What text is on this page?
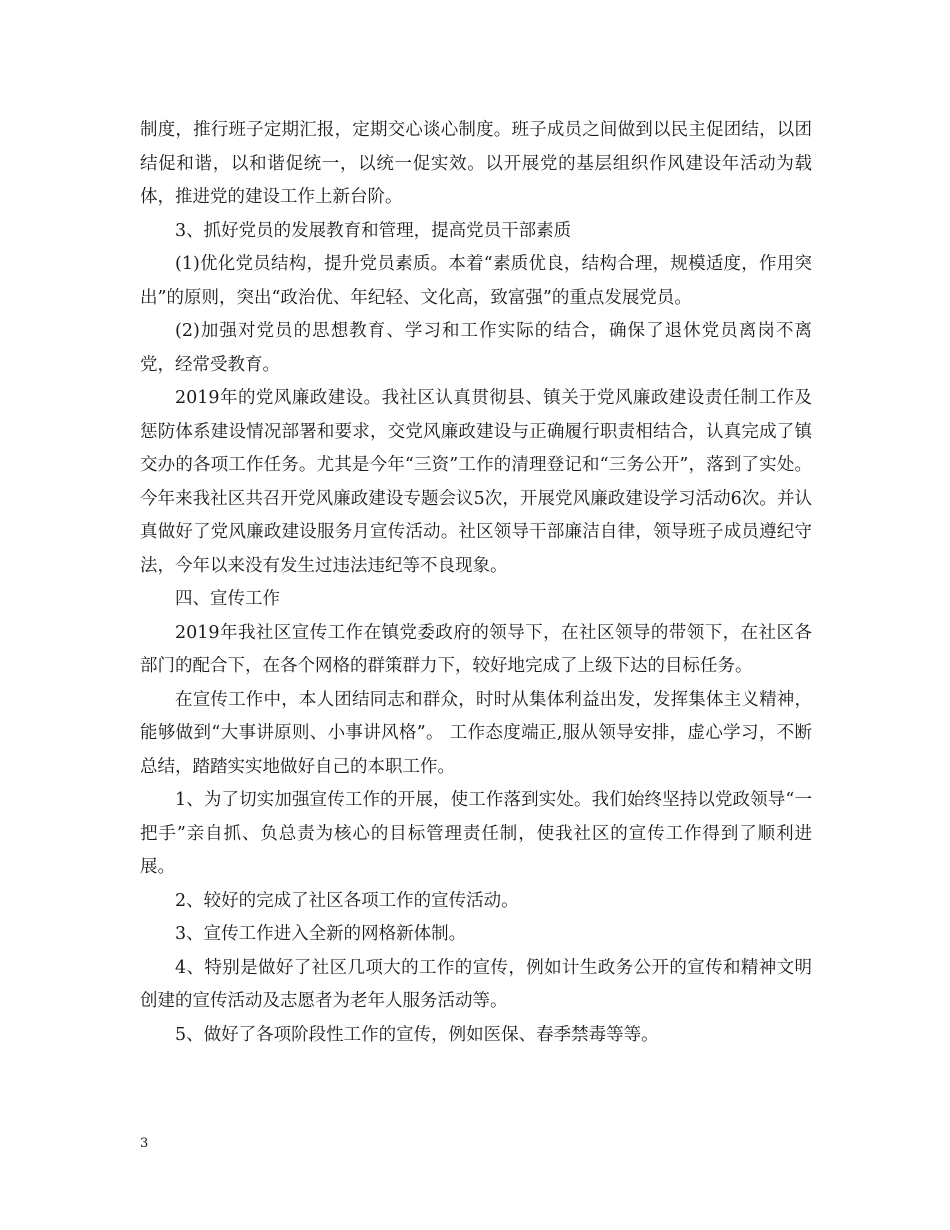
制度，推行班子定期汇报，定期交心谈心制度。班子成员之间做到以民主促团结，以团结促和谐，以和谐促统一，以统一促实效。以开展党的基层组织作风建设年活动为载体，推进党的建设工作上新台阶。

3、抓好党员的发展教育和管理，提高党员干部素质

(1)优化党员结构，提升党员素质。本着“素质优良，结构合理，规模适度，作用突出”的原则，突出“政治优、年纪轻、文化高，致富强”的重点发展党员。

(2)加强对党员的思想教育、学习和工作实际的结合，确保了退休党员离岗不离党，经常受教育。

2019年的党风廉政建设。我社区认真贯彻县、镇关于党风廉政建设责任制工作及惩防体系建设情况部署和要求，交党风廉政建设与正确履行职责相结合，认真完成了镇交办的各项工作任务。尤其是今年“三资”工作的清理登记和“三务公开”，落到了实处。今年来我社区共召开党风廉政建设专题会议5次，开展党风廉政建设学习活动6次。并认真做好了党风廉政建设服务月宣传活动。社区领导干部廉洁自律，领导班子成员遵纪守法，今年以来没有发生过违法违纪等不良现象。

四、宣传工作

2019年我社区宣传工作在镇党委政府的领导下，在社区领导的带领下，在社区各部门的配合下，在各个网格的群策群力下，较好地完成了上级下达的目标任务。

在宣传工作中，本人团结同志和群众，时时从集体利益出发，发挥集体主义精神，能够做到“大事讲原则、小事讲风格”。 工作态度端正,服从领导安排，虚心学习，不断总结，踏踏实实地做好自己的本职工作。

1、为了切实加强宣传工作的开展，使工作落到实处。我们始终坚持以党政领导“一把手”亲自抓、负总责为核心的目标管理责任制，使我社区的宣传工作得到了顺利进展。

2、较好的完成了社区各项工作的宣传活动。

3、宣传工作进入全新的网格新体制。

4、特别是做好了社区几项大的工作的宣传，例如计生政务公开的宣传和精神文明创建的宣传活动及志愿者为老年人服务活动等。

5、做好了各项阶段性工作的宣传，例如医保、春季禁毒等等。

3
